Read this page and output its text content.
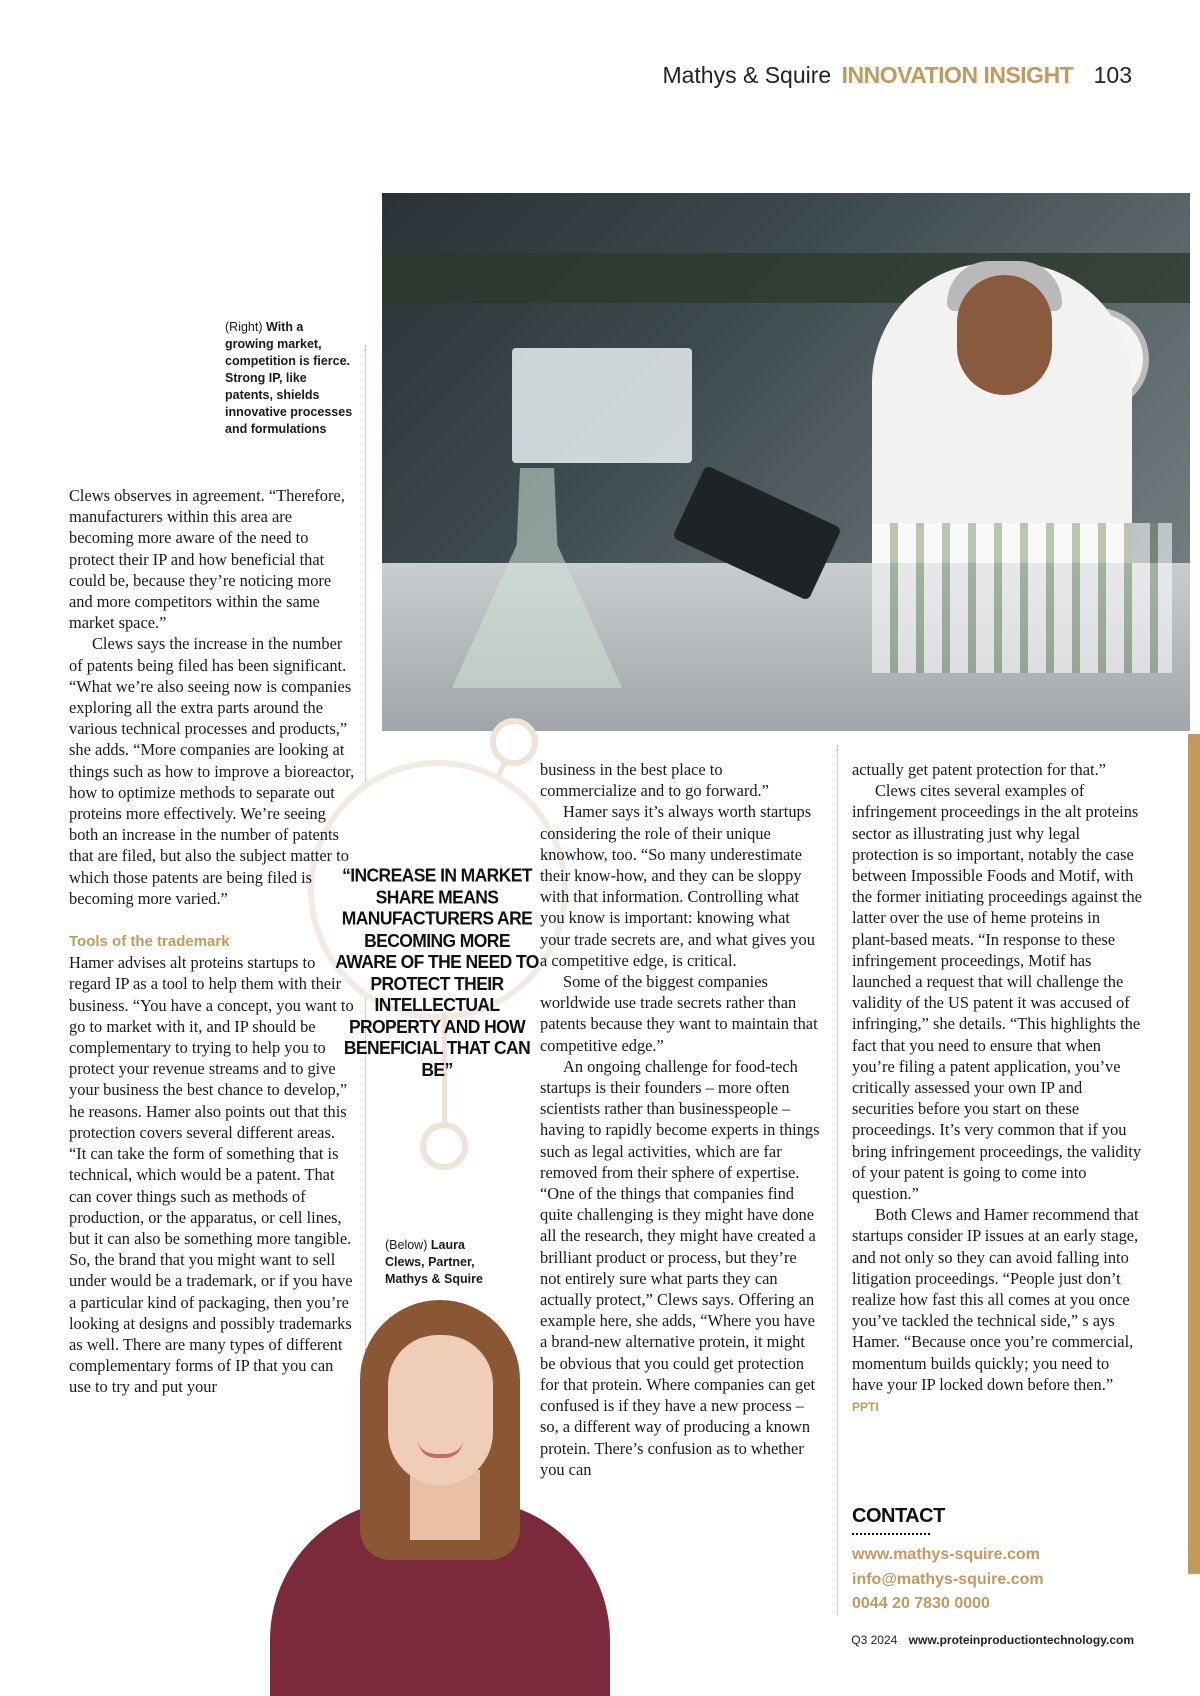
Mathys & Squire INNOVATION INSIGHT 103
(Right) With a growing market, competition is fierce. Strong IP, like patents, shields innovative processes and formulations
“INCREASE IN MARKET SHARE MEANS MANUFACTURERS ARE BECOMING MORE AWARE OF THE NEED TO PROTECT THEIR INTELLECTUAL PROPERTY AND HOW BENEFICIAL THAT CAN BE”

Clews observes in agreement. “Therefore, manufacturers within this area are becoming more aware of the need to protect their IP and how beneficial that could be, because they’re noticing more and more competitors within the same market space.”

Clews says the increase in the number of patents being filed has been significant. “What we’re also seeing now is companies exploring all the extra parts around the various technical processes and products,” she adds. “More companies are looking at things such as how to improve a bioreactor, how to optimize methods to separate out proteins more effectively. We’re seeing both an increase in the number of patents that are filed, but also the subject matter to which those patents are being filed is becoming more varied.”

Tools of the trademark

Hamer advises alt proteins startups to regard IP as a tool to help them with their business. “You have a concept, you want to go to market with it, and IP should be complementary to trying to help you to protect your revenue streams and to give your business the best chance to develop,” he reasons. Hamer also points out that this protection covers several different areas. “It can take the form of something that is technical, which would be a patent. That can cover things such as methods of production, or the apparatus, or cell lines, but it can also be something more tangible. So, the brand that you might want to sell under would be a trademark, or if you have a particular kind of packaging, then you’re looking at designs and possibly trademarks as well. There are many types of different complementary forms of IP that you can use to try and put your

business in the best place to commercialize and to go forward.”

Hamer says it’s always worth startups considering the role of their unique knowhow, too. “So many underestimate their know-how, and they can be sloppy with that information. Controlling what you know is important: knowing what your trade secrets are, and what gives you a competitive edge, is critical.

Some of the biggest companies worldwide use trade secrets rather than patents because they want to maintain that competitive edge.”

An ongoing challenge for food-tech startups is their founders – more often scientists rather than businesspeople – having to rapidly become experts in things such as legal activities, which are far removed from their sphere of expertise. “One of the things that companies find quite challenging is they might have done all the research, they might have created a brilliant product or process, but they’re not entirely sure what parts they can actually protect,” Clews says. Offering an example here, she adds, “Where you have a brand-new alternative protein, it might be obvious that you could get protection for that protein. Where companies can get confused is if they have a new process – so, a different way of producing a known protein. There’s confusion as to whether you can

actually get patent protection for that.”

Clews cites several examples of infringement proceedings in the alt proteins sector as illustrating just why legal protection is so important, notably the case between Impossible Foods and Motif, with the former initiating proceedings against the latter over the use of heme proteins in plant-based meats. “In response to these infringement proceedings, Motif has launched a request that will challenge the validity of the US patent it was accused of infringing,” she details. “This highlights the fact that you need to ensure that when you’re filing a patent application, you’ve critically assessed your own IP and securities before you start on these proceedings. It’s very common that if you bring infringement proceedings, the validity of your patent is going to come into question.”

Both Clews and Hamer recommend that startups consider IP issues at an early stage, and not only so they can avoid falling into litigation proceedings. “People just don’t realize how fast this all comes at you once you’ve tackled the technical side,” s ays Hamer. “Because once you’re commercial, momentum builds quickly; you need to have your IP locked down before then.” PPTI

(Below) Laura Clews, Partner, Mathys & Squire
CONTACT
www.mathys-squire.com
info@mathys-squire.com
0044 20 7830 0000
Q3 2024 www.proteinproductiontechnology.com
